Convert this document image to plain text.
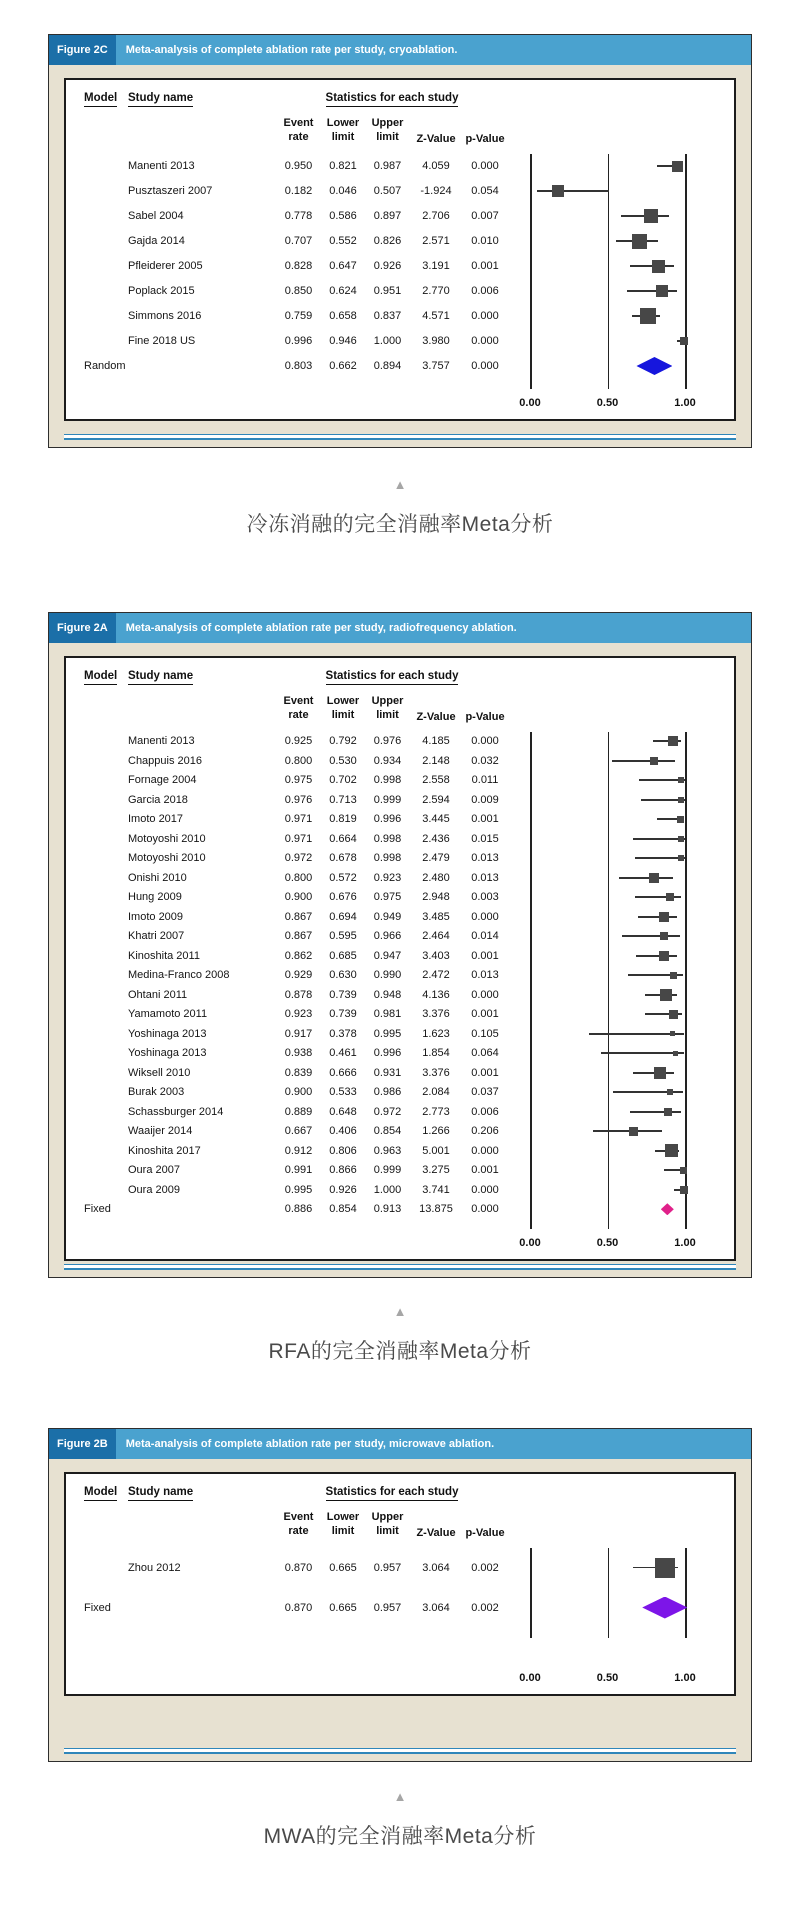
Figure 2C	Meta-analysis of complete ablation rate per study, cryoablation.
Model Study name	Statistics for each study
Event
rate
Lower
limit
Upper
limit	Z-Value p-Value
Manenti 2013	0.950	0.821	0.987	4.059	0.000
Pusztaszeri 2007	0.182	0.046	0.507	-1.924	0.054
Sabel 2004	0.778	0.586	0.897	2.706	0.007
Gajda 2014	0.707	0.552	0.826	2.571	0.010
Pfleiderer 2005	0.828	0.647	0.926	3.191	0.001
Poplack 2015	0.850	0.624	0.951	2.770	0.006
Simmons 2016	0.759	0.658	0.837	4.571	0.000
Fine 2018 US	0.996	0.946	1.000	3.980	0.000
Random	0.803	0.662	0.894	3.757	0.000
0.00	0.50	1.00
▲
冷冻消融的完全消融率Meta分析
Figure 2A	Meta-analysis of complete ablation rate per study, radiofrequency ablation.
Model Study name	Statistics for each study
Event
rate
Lower
limit
Upper
limit	Z-Value p-Value
Manenti 2013	0.925	0.792	0.976	4.185	0.000
Chappuis 2016	0.800	0.530	0.934	2.148	0.032
Fornage 2004	0.975	0.702	0.998	2.558	0.011
Garcia 2018	0.976	0.713	0.999	2.594	0.009
Imoto 2017	0.971	0.819	0.996	3.445	0.001
Motoyoshi 2010	0.971	0.664	0.998	2.436	0.015
Motoyoshi 2010	0.972	0.678	0.998	2.479	0.013
Onishi 2010	0.800	0.572	0.923	2.480	0.013
Hung 2009	0.900	0.676	0.975	2.948	0.003
Imoto 2009	0.867	0.694	0.949	3.485	0.000
Khatri 2007	0.867	0.595	0.966	2.464	0.014
Kinoshita 2011	0.862	0.685	0.947	3.403	0.001
Medina-Franco 2008	0.929	0.630	0.990	2.472	0.013
Ohtani 2011	0.878	0.739	0.948	4.136	0.000
Yamamoto 2011	0.923	0.739	0.981	3.376	0.001
Yoshinaga 2013	0.917	0.378	0.995	1.623	0.105
Yoshinaga 2013	0.938	0.461	0.996	1.854	0.064
Wiksell 2010	0.839	0.666	0.931	3.376	0.001
Burak 2003	0.900	0.533	0.986	2.084	0.037
Schassburger 2014	0.889	0.648	0.972	2.773	0.006
Waaijer 2014	0.667	0.406	0.854	1.266	0.206
Kinoshita 2017	0.912	0.806	0.963	5.001	0.000
Oura 2007	0.991	0.866	0.999	3.275	0.001
Oura 2009	0.995	0.926	1.000	3.741	0.000
Fixed	0.886	0.854	0.913	13.875	0.000
0.00	0.50	1.00
▲
RFA的完全消融率Meta分析
Figure 2B	Meta-analysis of complete ablation rate per study, microwave ablation.
Model Study name	Statistics for each study
Event
rate
Lower
limit
Upper
limit	Z-Value p-Value
Zhou 2012	0.870	0.665	0.957	3.064	0.002
Fixed	0.870	0.665	0.957	3.064	0.002
0.00	0.50	1.00
▲
MWA的完全消融率Meta分析
